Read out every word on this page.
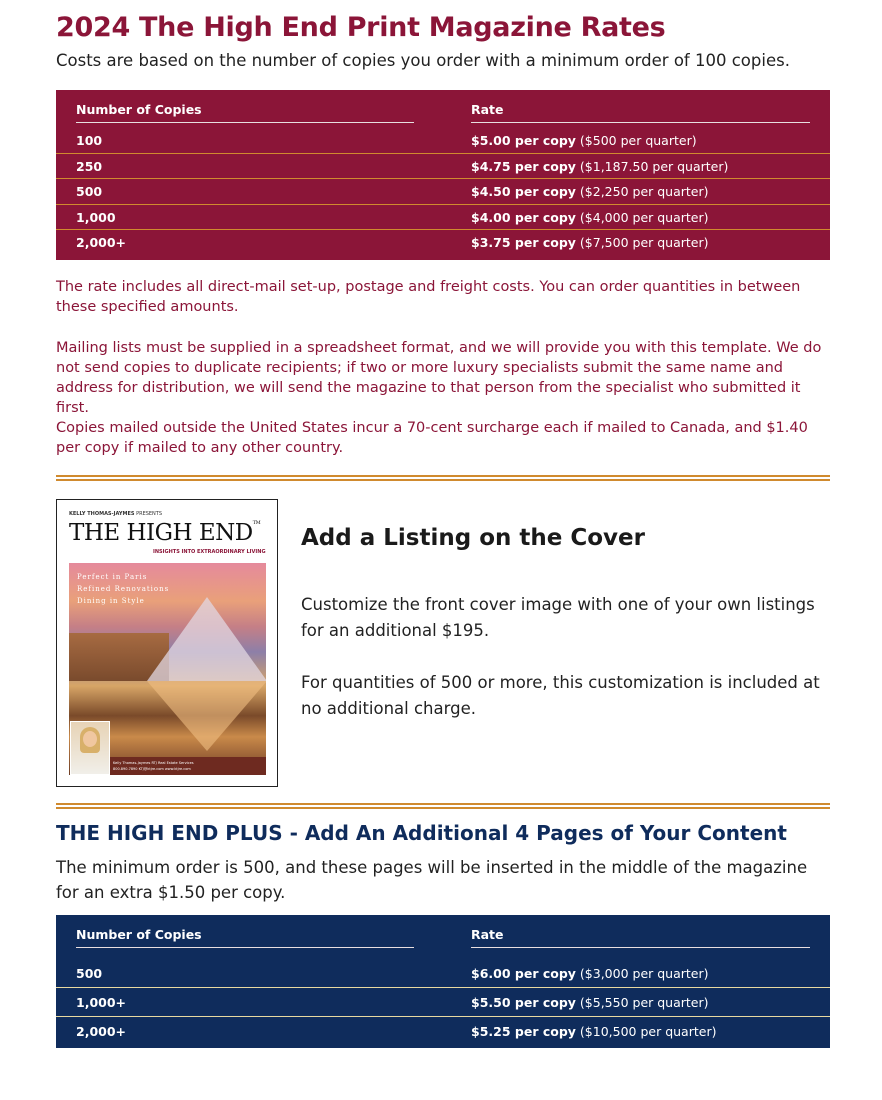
2024 The High End Print Magazine Rates

Costs are based on the number of copies you order with a minimum order of 100 copies.

Number of Copies	Rate
100	$5.00 per copy ($500 per quarter)
250	$4.75 per copy ($1,187.50 per quarter)
500	$4.50 per copy ($2,250 per quarter)
1,000	$4.00 per copy ($4,000 per quarter)
2,000+	$3.75 per copy ($7,500 per quarter)

The rate includes all direct-mail set-up, postage and freight costs. You can order quantities in between these specified amounts.

Mailing lists must be supplied in a spreadsheet format, and we will provide you with this template. We do not send copies to duplicate recipients; if two or more luxury specialists submit the same name and address for distribution, we will send the magazine to that person from the specialist who submitted it first.

Copies mailed outside the United States incur a 70-cent surcharge each if mailed to Canada, and $1.40 per copy if mailed to any other country.

KELLY THOMAS-JAYMES PRESENTS
THE HIGH END™
INSIGHTS INTO EXTRAORDINARY LIVING
Perfect in Paris
Refined Renovations
Dining in Style
Kelly Thomas-Jaymes RTJ Real Estate Services
800.890.7890 KTJ@ktjre.com www.ktjre.com
Add a Listing on the Cover

Customize the front cover image with one of your own listings for an additional $195.

For quantities of 500 or more, this customization is included at no additional charge.

THE HIGH END PLUS - Add An Additional 4 Pages of Your Content

The minimum order is 500, and these pages will be inserted in the middle of the magazine for an extra $1.50 per copy.

Number of Copies	Rate
500	$6.00 per copy ($3,000 per quarter)
1,000+	$5.50 per copy ($5,550 per quarter)
2,000+	$5.25 per copy ($10,500 per quarter)
